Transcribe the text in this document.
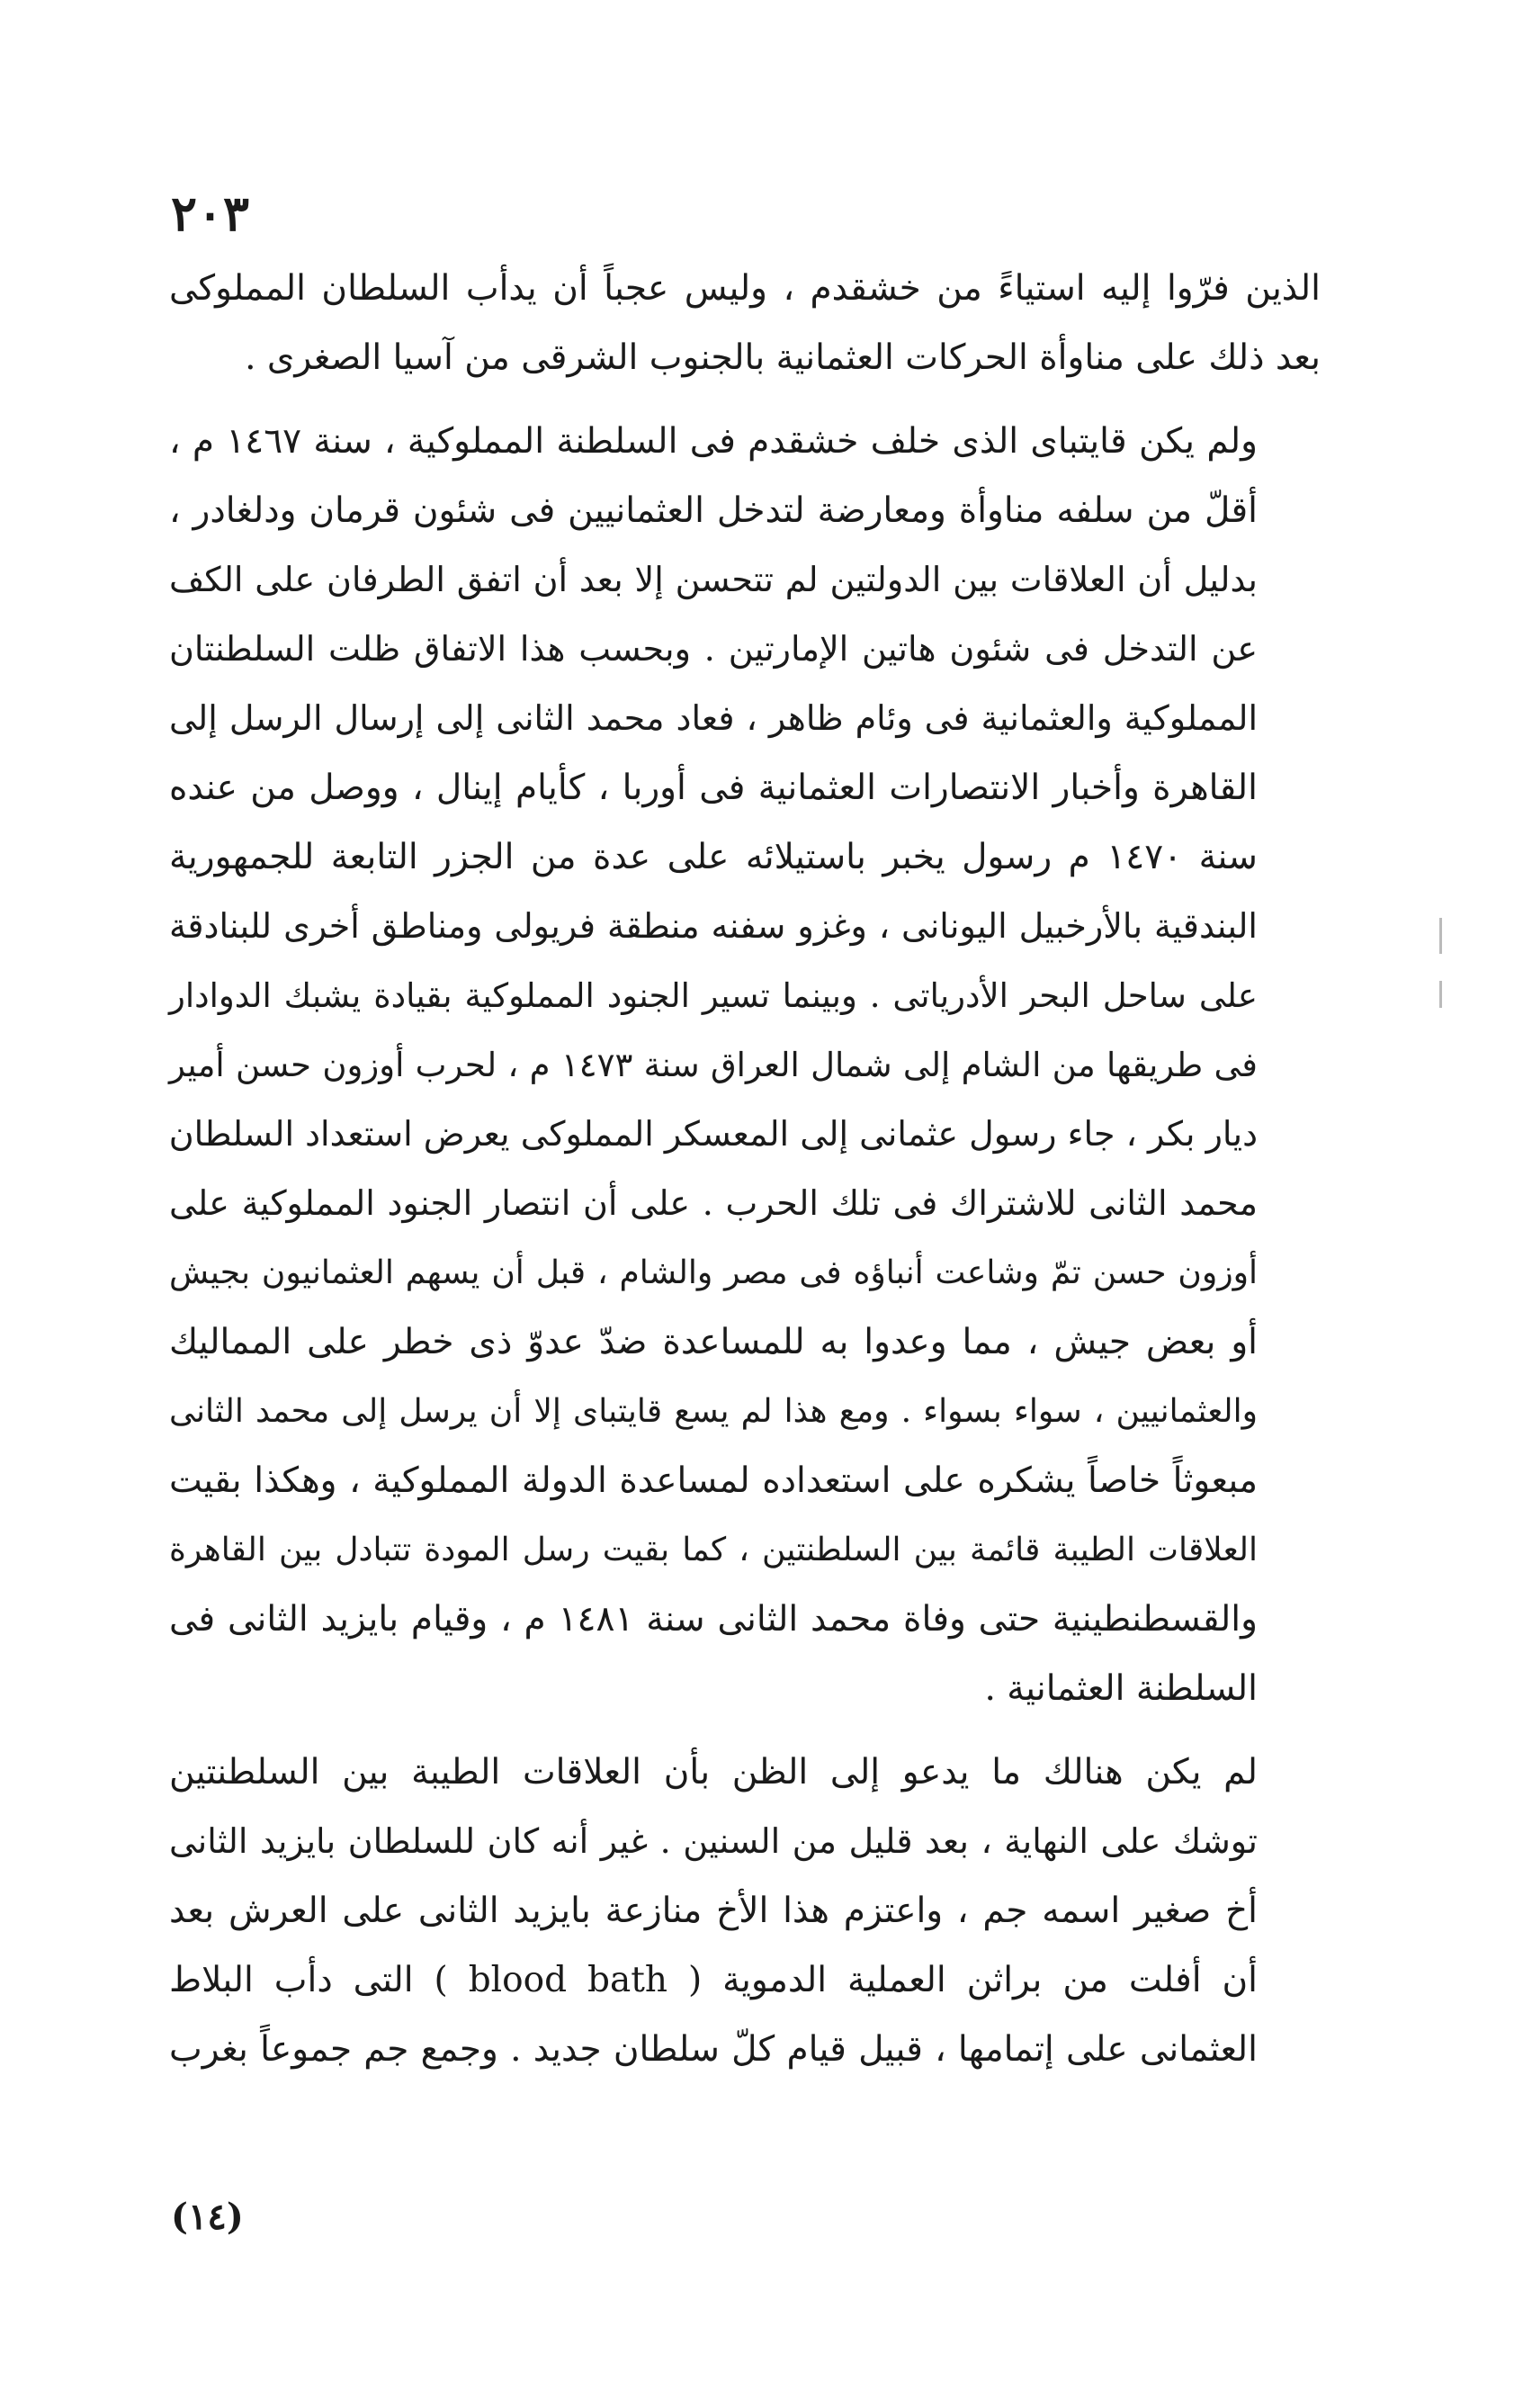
٢٠٣

الذين فرّوا إليه استياءً من خشقدم ، وليس عجباً أن يدأب السلطان المملوكى
بعد ذلك على مناوأة الحركات العثمانية بالجنوب الشرقى من آسيا الصغرى .

ولم يكن قايتباى الذى خلف خشقدم فى السلطنة المملوكية ، سنة ١٤٦٧ م ،
أقلّ من سلفه مناوأة ومعارضة لتدخل العثمانيين فى شئون قرمان ودلغادر ،
بدليل أن العلاقات بين الدولتين لم تتحسن إلا بعد أن اتفق الطرفان على الكف
عن التدخل فى شئون هاتين الإمارتين . وبحسب هذا الاتفاق ظلت السلطنتان
المملوكية والعثمانية فى وئام ظاهر ، فعاد محمد الثانى إلى إرسال الرسل إلى
القاهرة وأخبار الانتصارات العثمانية فى أوربا ، كأيام إينال ، ووصل من عنده
سنة ١٤٧٠ م رسول يخبر باستيلائه على عدة من الجزر التابعة للجمهورية
البندقية بالأرخبيل اليونانى ، وغزو سفنه منطقة فريولى ومناطق أخرى للبنادقة
على ساحل البحر الأدرياتى . وبينما تسير الجنود المملوكية بقيادة يشبك الدوادار
فى طريقها من الشام إلى شمال العراق سنة ١٤٧٣ م ، لحرب أوزون حسن أمير
ديار بكر ، جاء رسول عثمانى إلى المعسكر المملوكى يعرض استعداد السلطان
محمد الثانى للاشتراك فى تلك الحرب . على أن انتصار الجنود المملوكية على
أوزون حسن تمّ وشاعت أنباؤه فى مصر والشام ، قبل أن يسهم العثمانيون بجيش
أو بعض جيش ، مما وعدوا به للمساعدة ضدّ عدوّ ذى خطر على المماليك
والعثمانيين ، سواء بسواء . ومع هذا لم يسع قايتباى إلا أن يرسل إلى محمد الثانى
مبعوثاً خاصاً يشكره على استعداده لمساعدة الدولة المملوكية ، وهكذا بقيت
العلاقات الطيبة قائمة بين السلطنتين ، كما بقيت رسل المودة تتبادل بين القاهرة
والقسطنطينية حتى وفاة محمد الثانى سنة ١٤٨١ م ، وقيام بايزيد الثانى فى
السلطنة العثمانية .

لم يكن هنالك ما يدعو إلى الظن بأن العلاقات الطيبة بين السلطنتين
توشك على النهاية ، بعد قليل من السنين . غير أنه كان للسلطان بايزيد الثانى
أخ صغير اسمه جم ، واعتزم هذا الأخ منازعة بايزيد الثانى على العرش بعد
أن أفلت من براثن العملية الدموية ( blood bath ) التى دأب البلاط
العثمانى على إتمامها ، قبيل قيام كلّ سلطان جديد . وجمع جم جموعاً بغرب

(١٤)
